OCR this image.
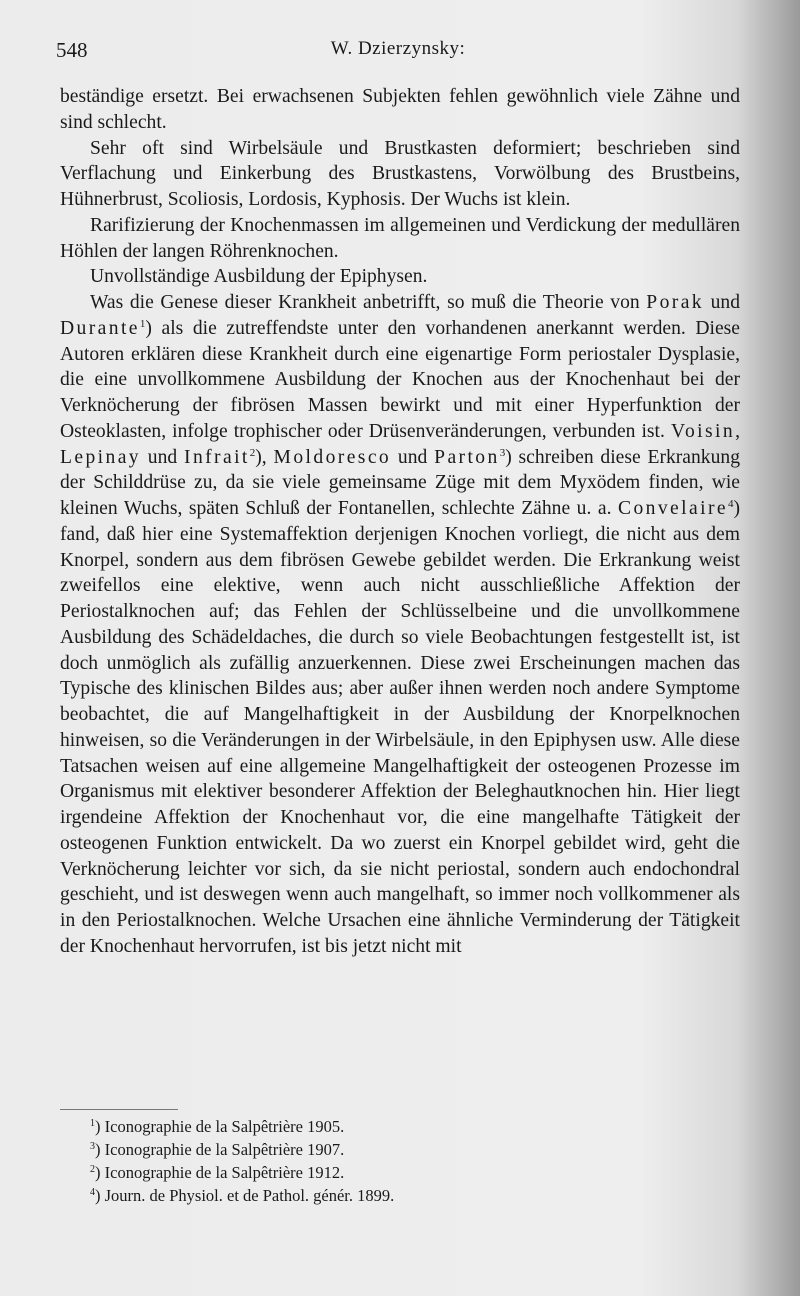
548	W. Dzierzynsky:

beständige ersetzt. Bei erwachsenen Subjekten fehlen gewöhnlich viele Zähne und sind schlecht.

Sehr oft sind Wirbelsäule und Brustkasten deformiert; beschrieben sind Verflachung und Einkerbung des Brustkastens, Vorwölbung des Brustbeins, Hühnerbrust, Scoliosis, Lordosis, Kyphosis. Der Wuchs ist klein.

Rarifizierung der Knochenmassen im allgemeinen und Verdickung der medullären Höhlen der langen Röhrenknochen.

Unvollständige Ausbildung der Epiphysen.

Was die Genese dieser Krankheit anbetrifft, so muß die Theorie von Porak und Durante$^1$) als die zutreffendste unter den vorhandenen anerkannt werden. Diese Autoren erklären diese Krankheit durch eine eigenartige Form periostaler Dysplasie, die eine unvollkommene Ausbildung der Knochen aus der Knochenhaut bei der Verknöcherung der fibrösen Massen bewirkt und mit einer Hyperfunktion der Osteoklasten, infolge trophischer oder Drüsenveränderungen, verbunden ist. Voisin, Lepinay und Infrait$^2$), Moldoresco und Parton$^3$) schreiben diese Erkrankung der Schilddrüse zu, da sie viele gemeinsame Züge mit dem Myxödem finden, wie kleinen Wuchs, späten Schluß der Fontanellen, schlechte Zähne u. a. Convelaire$^4$) fand, daß hier eine Systemaffektion derjenigen Knochen vorliegt, die nicht aus dem Knorpel, sondern aus dem fibrösen Gewebe gebildet werden. Die Erkrankung weist zweifellos eine elektive, wenn auch nicht ausschließliche Affektion der Periostalknochen auf; das Fehlen der Schlüsselbeine und die unvollkommene Ausbildung des Schädeldaches, die durch so viele Beobachtungen festgestellt ist, ist doch unmöglich als zufällig anzuerkennen. Diese zwei Erscheinungen machen das Typische des klinischen Bildes aus; aber außer ihnen werden noch andere Symptome beobachtet, die auf Mangelhaftigkeit in der Ausbildung der Knorpelknochen hinweisen, so die Veränderungen in der Wirbelsäule, in den Epiphysen usw. Alle diese Tatsachen weisen auf eine allgemeine Mangelhaftigkeit der osteogenen Prozesse im Organismus mit elektiver besonderer Affektion der Beleghautknochen hin. Hier liegt irgendeine Affektion der Knochenhaut vor, die eine mangelhafte Tätigkeit der osteogenen Funktion entwickelt. Da wo zuerst ein Knorpel gebildet wird, geht die Verknöcherung leichter vor sich, da sie nicht periostal, sondern auch endochondral geschieht, und ist deswegen wenn auch mangelhaft, so immer noch vollkommener als in den Periostalknochen. Welche Ursachen eine ähnliche Verminderung der Tätigkeit der Knochenhaut hervorrufen, ist bis jetzt nicht mit

$^1$) Iconographie de la Salpêtrière 1905.
$^3$) Iconographie de la Salpêtrière 1907.
$^2$) Iconographie de la Salpêtrière 1912.
$^4$) Journ. de Physiol. et de Pathol. génér. 1899.
